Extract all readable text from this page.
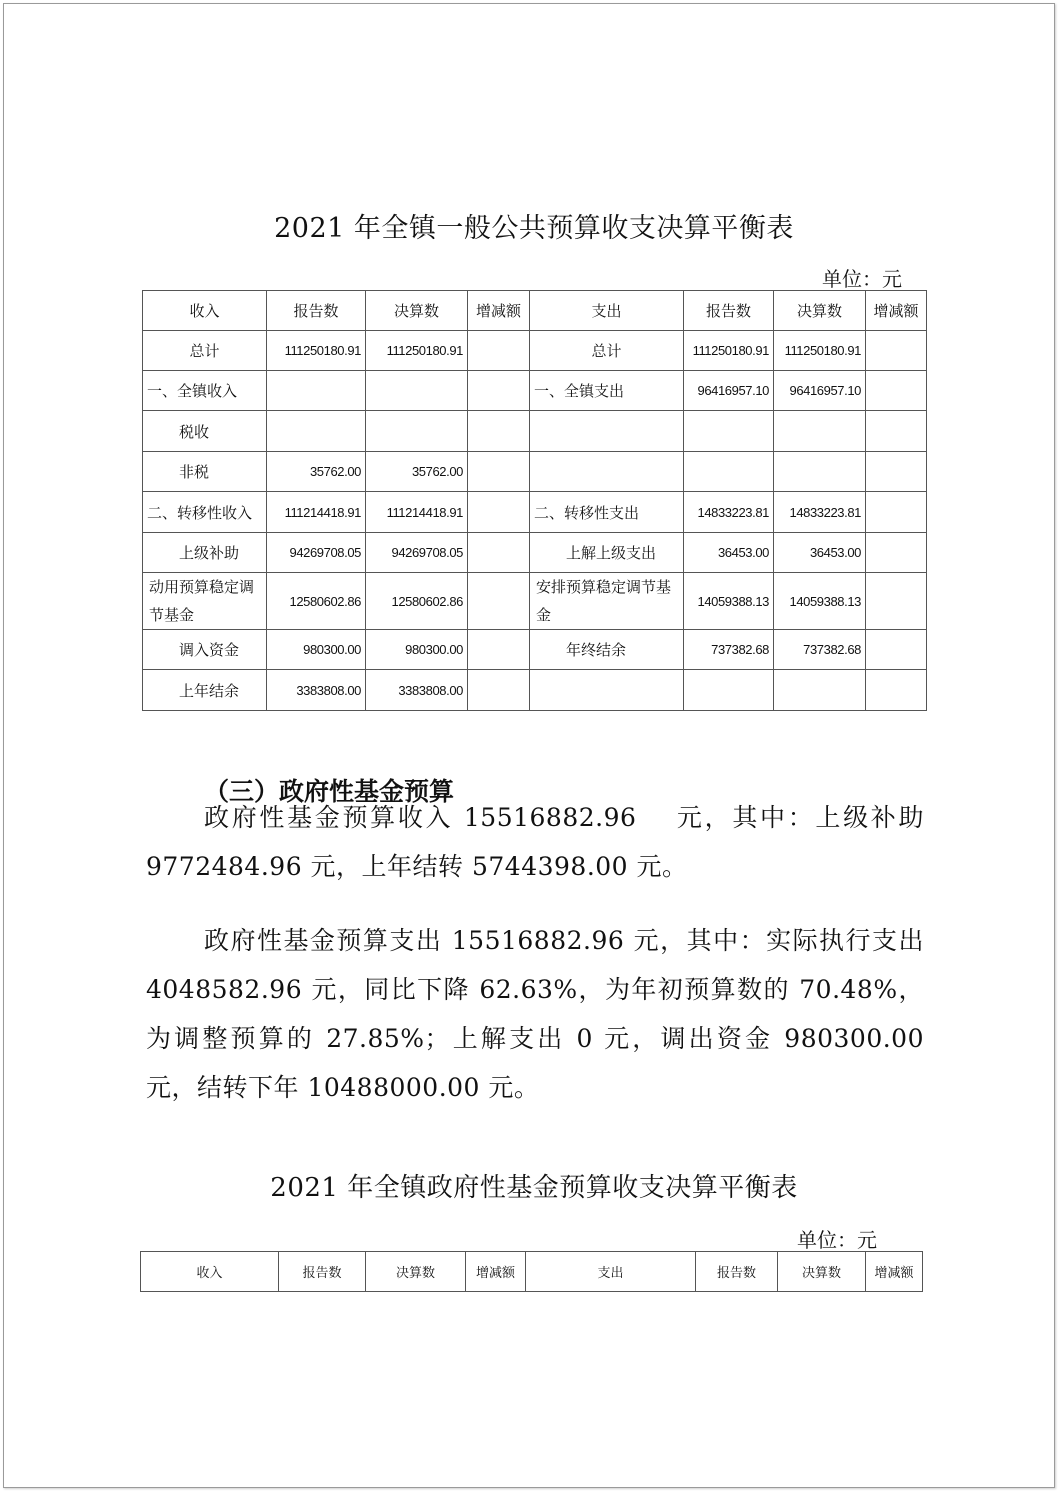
2021 年全镇一般公共预算收支决算平衡表
单位：元
收入	报告数	决算数	增减额	支出	报告数	决算数	增减额
总计	111250180.91	111250180.91		总计	111250180.91	111250180.91	
一、全镇收入				一、全镇支出	96416957.10	96416957.10	
税收							
非税	35762.00	35762.00					
二、转移性收入	111214418.91	111214418.91		二、转移性支出	14833223.81	14833223.81	
上级补助	94269708.05	94269708.05		上解上级支出	36453.00	36453.00	
动用预算稳定调节基金	12580602.86	12580602.86		安排预算稳定调节基金	14059388.13	14059388.13	
调入资金	980300.00	980300.00		年终结余	737382.68	737382.68	
上年结余	3383808.00	3383808.00					
（三）政府性基金预算

政府性基金预算收入 15516882.96　 元，其中：上级补助 9772484.96 元，上年结转 5744398.00 元。

政府性基金预算支出 15516882.96 元，其中：实际执行支出 4048582.96 元，同比下降 62.63%，为年初预算数的 70.48%，为调整预算的 27.85%；上解支出 0 元，调出资金 980300.00 元，结转下年 10488000.00 元。

2021 年全镇政府性基金预算收支决算平衡表
单位：元
收入	报告数	决算数	增减额	支出	报告数	决算数	增减额
